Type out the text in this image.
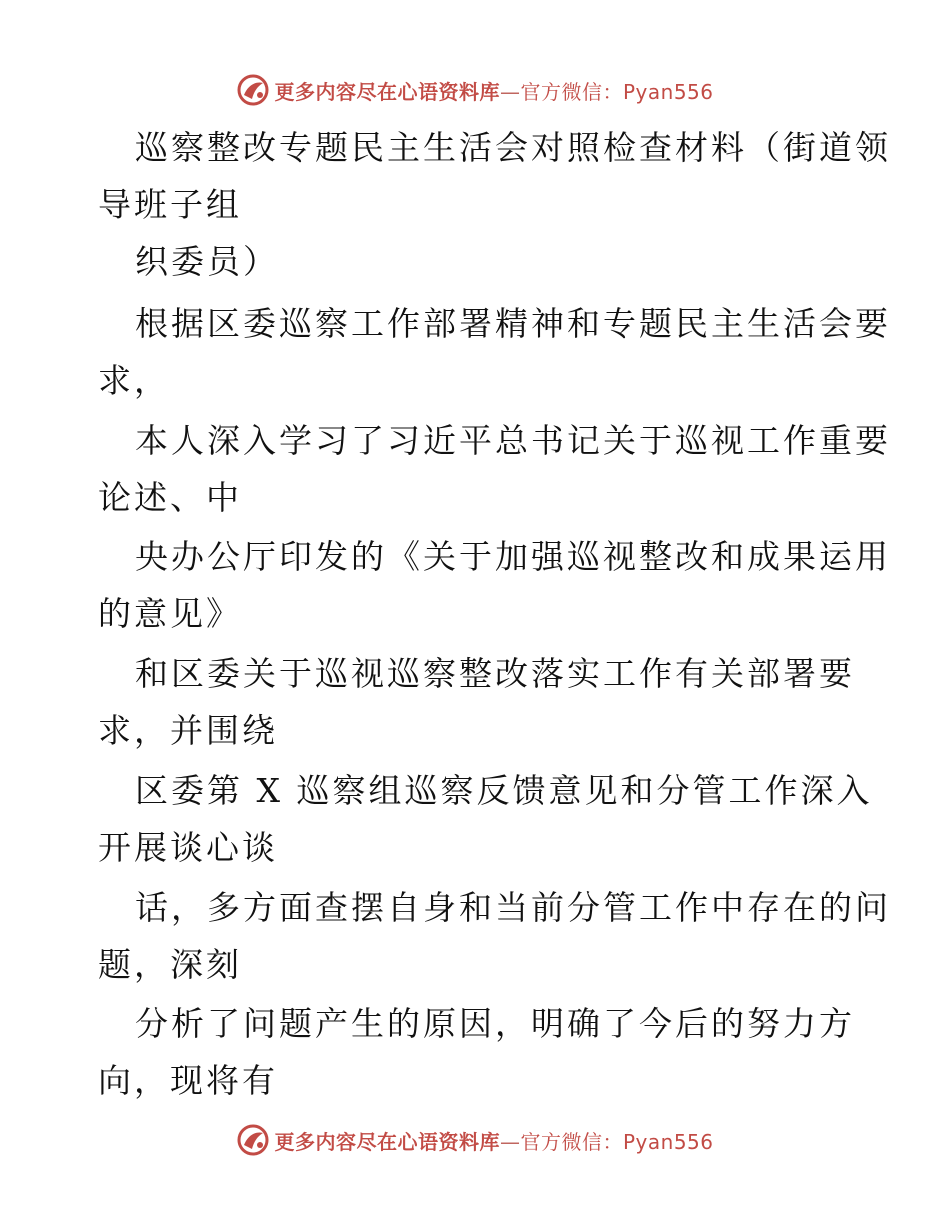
更多内容尽在心语资料库—官方微信：Pyan556
巡察整改专题民主生活会对照检查材料（街道领
导班子组
织委员）
根据区委巡察工作部署精神和专题民主生活会要
求，
本人深入学习了习近平总书记关于巡视工作重要
论述、中
央办公厅印发的《关于加强巡视整改和成果运用
的意见》
和区委关于巡视巡察整改落实工作有关部署要
求，并围绕
区委第 X 巡察组巡察反馈意见和分管工作深入
开展谈心谈
话，多方面查摆自身和当前分管工作中存在的问
题，深刻
分析了问题产生的原因，明确了今后的努力方
向，现将有
更多内容尽在心语资料库—官方微信：Pyan556
